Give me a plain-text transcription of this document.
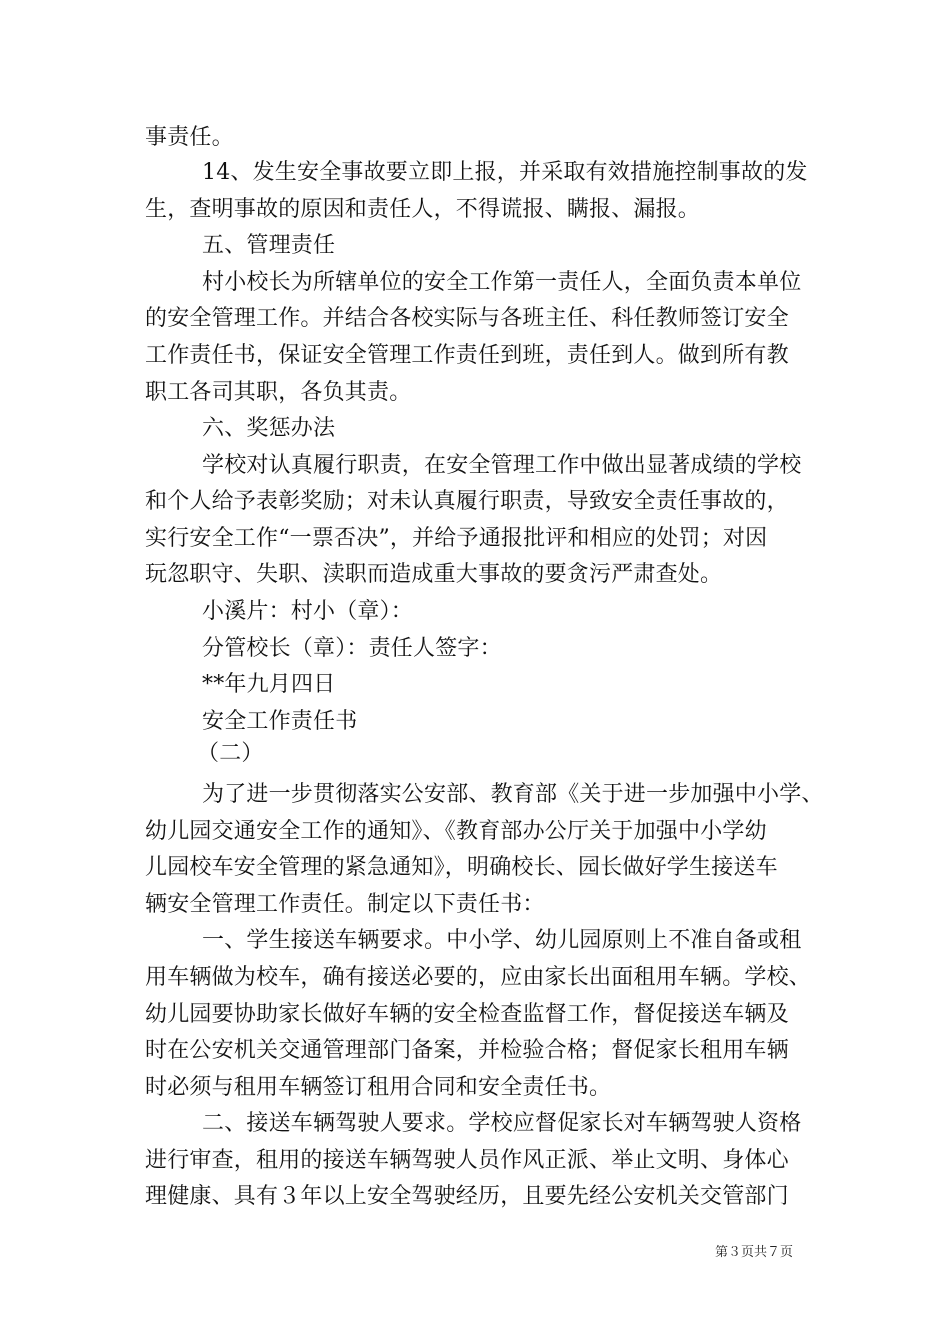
事责任。
14、发生安全事故要立即上报，并采取有效措施控制事故的发
生，查明事故的原因和责任人，不得谎报、瞒报、漏报。
五、管理责任
村小校长为所辖单位的安全工作第一责任人，全面负责本单位
的安全管理工作。并结合各校实际与各班主任、科任教师签订安全
工作责任书，保证安全管理工作责任到班，责任到人。做到所有教
职工各司其职，各负其责。
六、奖惩办法
学校对认真履行职责，在安全管理工作中做出显著成绩的学校
和个人给予表彰奖励；对未认真履行职责，导致安全责任事故的，
实行安全工作“一票否决”，并给予通报批评和相应的处罚；对因
玩忽职守、失职、渎职而造成重大事故的要贪污严肃查处。
小溪片：村小（章）：
分管校长（章）：责任人签字：
**年九月四日
安全工作责任书
（二）
为了进一步贯彻落实公安部、教育部《关于进一步加强中小学、
幼儿园交通安全工作的通知》、《教育部办公厅关于加强中小学幼
儿园校车安全管理的紧急通知》，明确校长、园长做好学生接送车
辆安全管理工作责任。制定以下责任书：
一、学生接送车辆要求。中小学、幼儿园原则上不准自备或租
用车辆做为校车，确有接送必要的，应由家长出面租用车辆。学校、
幼儿园要协助家长做好车辆的安全检查监督工作，督促接送车辆及
时在公安机关交通管理部门备案，并检验合格；督促家长租用车辆
时必须与租用车辆签订租用合同和安全责任书。
二、接送车辆驾驶人要求。学校应督促家长对车辆驾驶人资格
进行审查，租用的接送车辆驾驶人员作风正派、举止文明、身体心
理健康、具有３年以上安全驾驶经历，且要先经公安机关交管部门
第３页共７页
